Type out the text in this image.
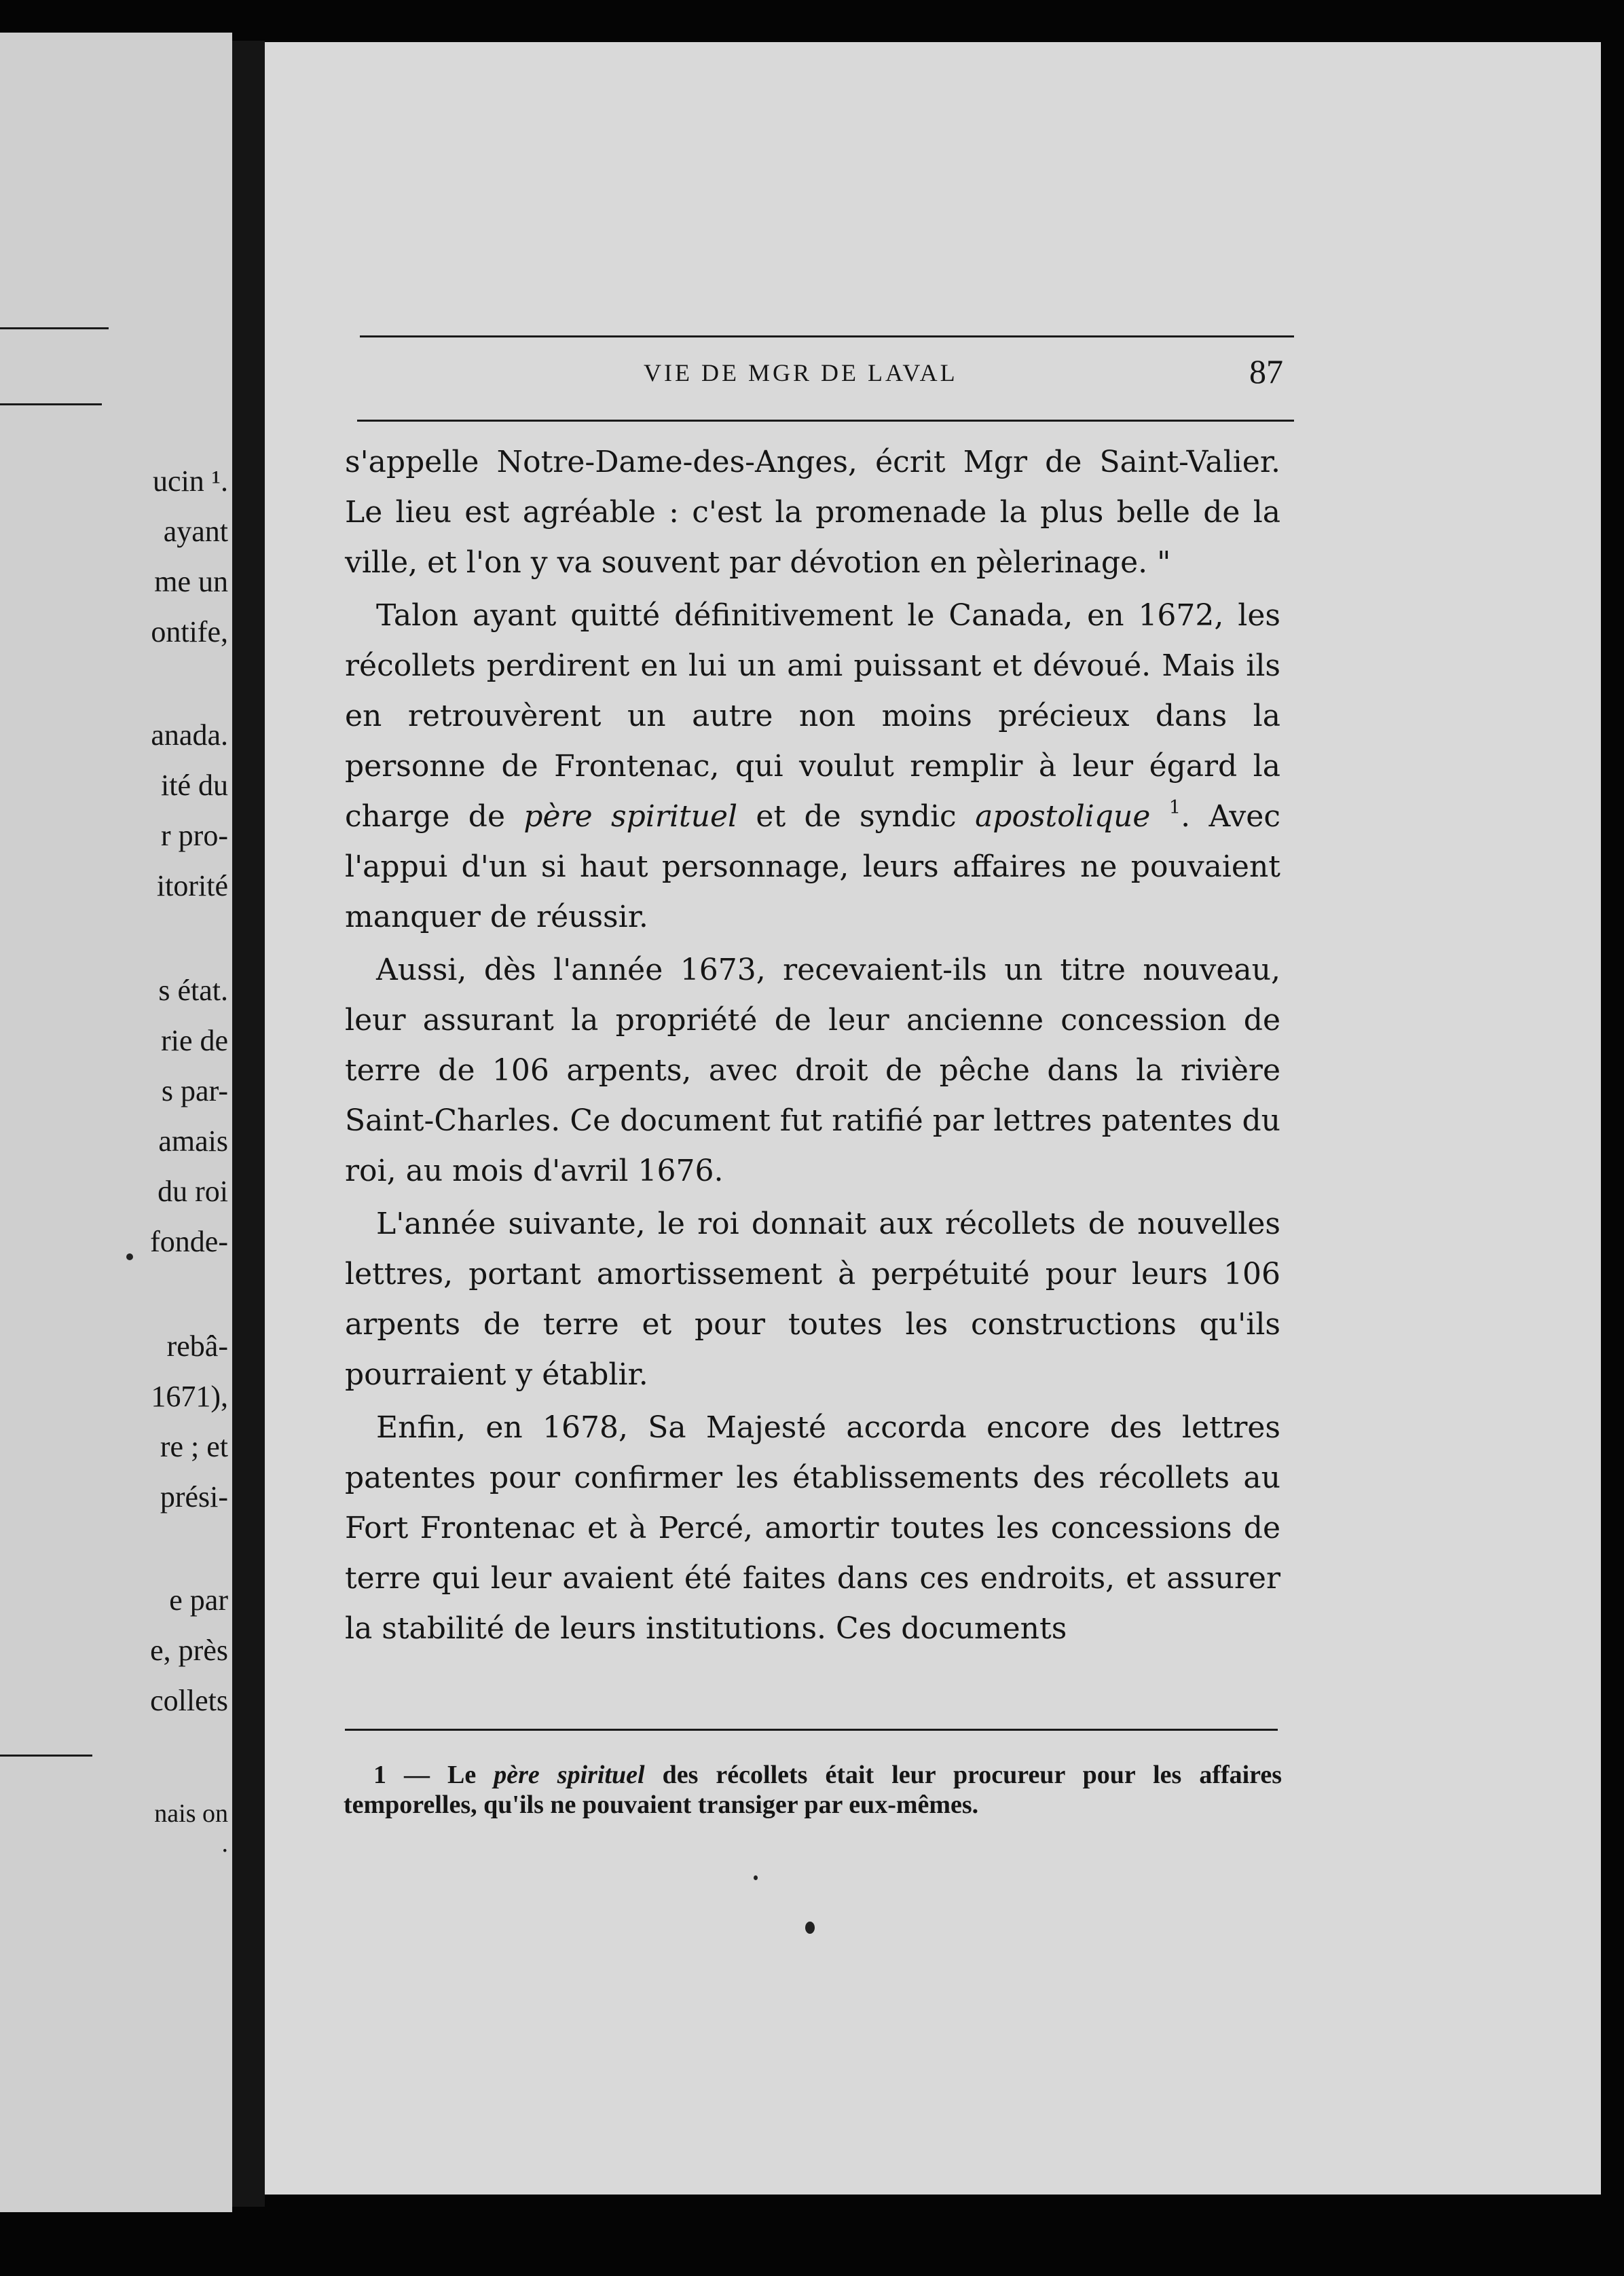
ucin ¹.
ayant
me un
ontife,
anada.
ité du
r pro-
itorité
s état.
rie de
s par-
amais
du roi
fonde-
rebâ-
1671),
re ; et
prési-
e par
e, près
collets
nais on
.
VIE DE MGR DE LAVAL	87

s'appelle Notre-Dame-des-Anges, écrit Mgr de Saint-Valier. Le lieu est agréable : c'est la promenade la plus belle de la ville, et l'on y va souvent par dévotion en pèlerinage. "

Talon ayant quitté définitivement le Canada, en 1672, les récollets perdirent en lui un ami puissant et dévoué. Mais ils en retrouvèrent un autre non moins précieux dans la personne de Frontenac, qui voulut remplir à leur égard la charge de père spirituel et de syndic apostolique $^1$. Avec l'appui d'un si haut personnage, leurs affaires ne pouvaient manquer de réussir.

Aussi, dès l'année 1673, recevaient-ils un titre nouveau, leur assurant la propriété de leur ancienne concession de terre de 106 arpents, avec droit de pêche dans la rivière Saint-Charles. Ce document fut ratifié par lettres patentes du roi, au mois d'avril 1676.

L'année suivante, le roi donnait aux récollets de nouvelles lettres, portant amortissement à perpétuité pour leurs 106 arpents de terre et pour toutes les constructions qu'ils pourraient y établir.

Enfin, en 1678, Sa Majesté accorda encore des lettres patentes pour confirmer les établissements des récollets au Fort Frontenac et à Percé, amortir toutes les concessions de terre qui leur avaient été faites dans ces endroits, et assurer la stabilité de leurs institutions. Ces documents

1 — Le père spirituel des récollets était leur procureur pour les affaires temporelles, qu'ils ne pouvaient transiger par eux-mêmes.
